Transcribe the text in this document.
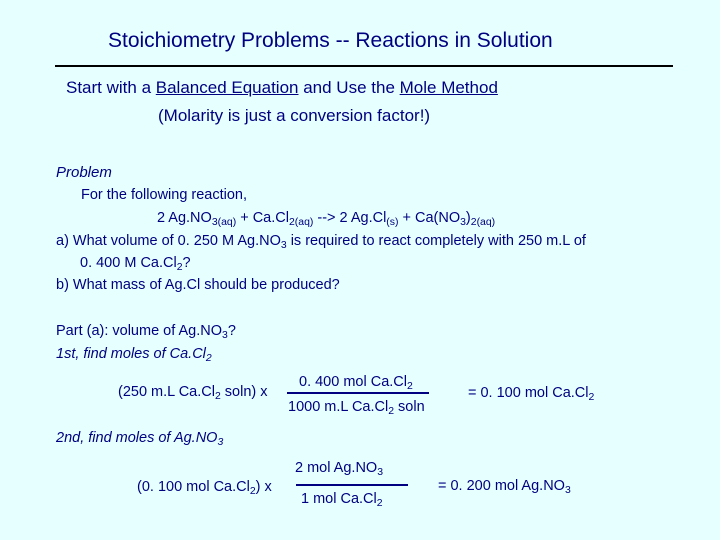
Stoichiometry Problems -- Reactions in Solution
Start with a Balanced Equation and Use the Mole Method
(Molarity is just a conversion factor!)
Problem
For the following reaction,
2 $Ag.NO_{3(aq)} + Ca.Cl_{2(aq)}$ --> 2 $Ag.Cl_{(s)} + Ca(NO_3)_{2(aq)}$
a) What volume of 0. 250 M $Ag.NO_3$ is required to react completely with 250 m.L of
0. 400 M $Ca.Cl_2$?
b) What mass of Ag.Cl should be produced?
Part (a): volume of $Ag.NO_3$?
1st, find moles of $Ca.Cl_2$
(250 m.L $Ca.Cl_2$ soln) x
0. 400 mol $Ca.Cl_2$
1000 m.L $Ca.Cl_2$ soln
= 0. 100 mol $Ca.Cl_2$
2nd, find moles of $Ag.NO_3$
(0. 100 mol $Ca.Cl_2$) x
2 mol $Ag.NO_3$
1 mol $Ca.Cl_2$
= 0. 200 mol $Ag.NO_3$
